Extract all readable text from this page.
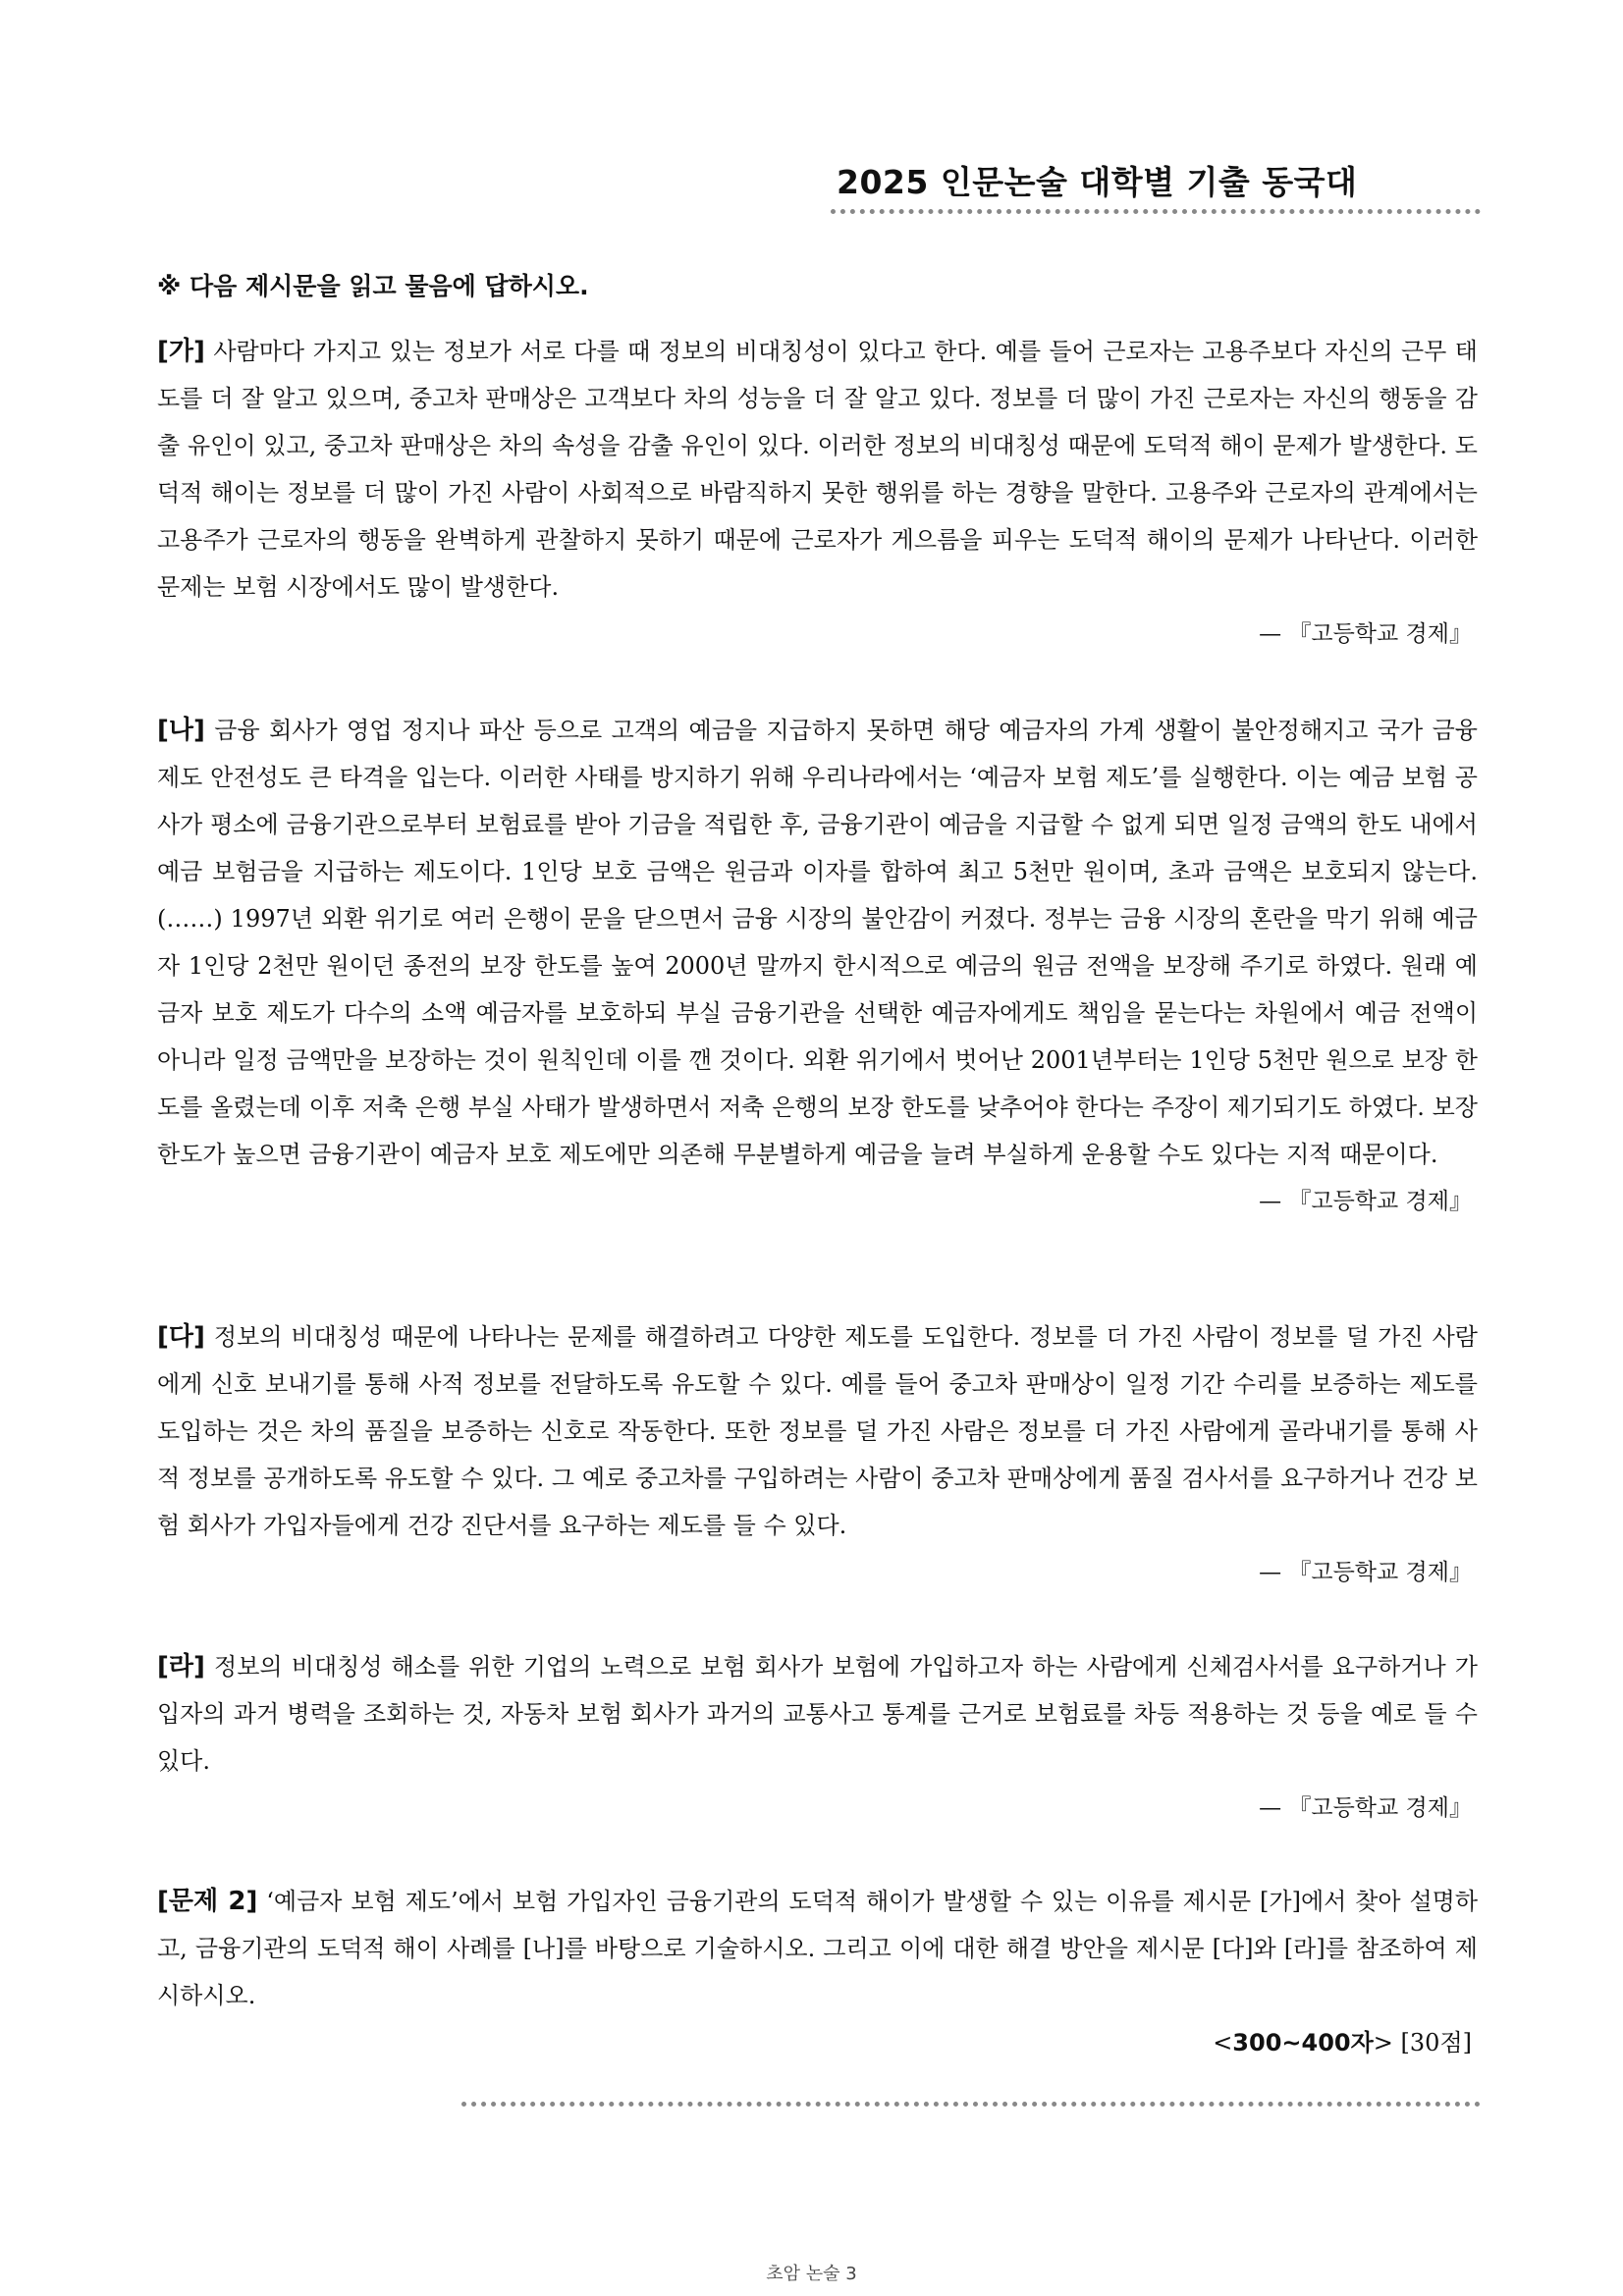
2025 인문논술 대학별 기출 동국대
※ 다음 제시문을 읽고 물음에 답하시오.
[가] 사람마다 가지고 있는 정보가 서로 다를 때 정보의 비대칭성이 있다고 한다. 예를 들어 근로자는 고용주보다 자신의 근무 태도를 더 잘 알고 있으며, 중고차 판매상은 고객보다 차의 성능을 더 잘 알고 있다. 정보를 더 많이 가진 근로자는 자신의 행동을 감출 유인이 있고, 중고차 판매상은 차의 속성을 감출 유인이 있다. 이러한 정보의 비대칭성 때문에 도덕적 해이 문제가 발생한다. 도덕적 해이는 정보를 더 많이 가진 사람이 사회적으로 바람직하지 못한 행위를 하는 경향을 말한다. 고용주와 근로자의 관계에서는 고용주가 근로자의 행동을 완벽하게 관찰하지 못하기 때문에 근로자가 게으름을 피우는 도덕적 해이의 문제가 나타난다. 이러한 문제는 보험 시장에서도 많이 발생한다.
— 『고등학교 경제』
[나] 금융 회사가 영업 정지나 파산 등으로 고객의 예금을 지급하지 못하면 해당 예금자의 가계 생활이 불안정해지고 국가 금융 제도 안전성도 큰 타격을 입는다. 이러한 사태를 방지하기 위해 우리나라에서는 ‘예금자 보험 제도’를 실행한다. 이는 예금 보험 공사가 평소에 금융기관으로부터 보험료를 받아 기금을 적립한 후, 금융기관이 예금을 지급할 수 없게 되면 일정 금액의 한도 내에서 예금 보험금을 지급하는 제도이다. 1인당 보호 금액은 원금과 이자를 합하여 최고 5천만 원이며, 초과 금액은 보호되지 않는다. (……) 1997년 외환 위기로 여러 은행이 문을 닫으면서 금융 시장의 불안감이 커졌다. 정부는 금융 시장의 혼란을 막기 위해 예금자 1인당 2천만 원이던 종전의 보장 한도를 높여 2000년 말까지 한시적으로 예금의 원금 전액을 보장해 주기로 하였다. 원래 예금자 보호 제도가 다수의 소액 예금자를 보호하되 부실 금융기관을 선택한 예금자에게도 책임을 묻는다는 차원에서 예금 전액이 아니라 일정 금액만을 보장하는 것이 원칙인데 이를 깬 것이다. 외환 위기에서 벗어난 2001년부터는 1인당 5천만 원으로 보장 한도를 올렸는데 이후 저축 은행 부실 사태가 발생하면서 저축 은행의 보장 한도를 낮추어야 한다는 주장이 제기되기도 하였다. 보장 한도가 높으면 금융기관이 예금자 보호 제도에만 의존해 무분별하게 예금을 늘려 부실하게 운용할 수도 있다는 지적 때문이다.
— 『고등학교 경제』
[다] 정보의 비대칭성 때문에 나타나는 문제를 해결하려고 다양한 제도를 도입한다. 정보를 더 가진 사람이 정보를 덜 가진 사람에게 신호 보내기를 통해 사적 정보를 전달하도록 유도할 수 있다. 예를 들어 중고차 판매상이 일정 기간 수리를 보증하는 제도를 도입하는 것은 차의 품질을 보증하는 신호로 작동한다. 또한 정보를 덜 가진 사람은 정보를 더 가진 사람에게 골라내기를 통해 사적 정보를 공개하도록 유도할 수 있다. 그 예로 중고차를 구입하려는 사람이 중고차 판매상에게 품질 검사서를 요구하거나 건강 보험 회사가 가입자들에게 건강 진단서를 요구하는 제도를 들 수 있다.
— 『고등학교 경제』
[라] 정보의 비대칭성 해소를 위한 기업의 노력으로 보험 회사가 보험에 가입하고자 하는 사람에게 신체검사서를 요구하거나 가입자의 과거 병력을 조회하는 것, 자동차 보험 회사가 과거의 교통사고 통계를 근거로 보험료를 차등 적용하는 것 등을 예로 들 수 있다.
— 『고등학교 경제』
[문제 2] ‘예금자 보험 제도’에서 보험 가입자인 금융기관의 도덕적 해이가 발생할 수 있는 이유를 제시문 [가]에서 찾아 설명하고, 금융기관의 도덕적 해이 사례를 [나]를 바탕으로 기술하시오. 그리고 이에 대한 해결 방안을 제시문 [다]와 [라]를 참조하여 제시하시오.
<300~400자> [30점]
초암 논술 3
